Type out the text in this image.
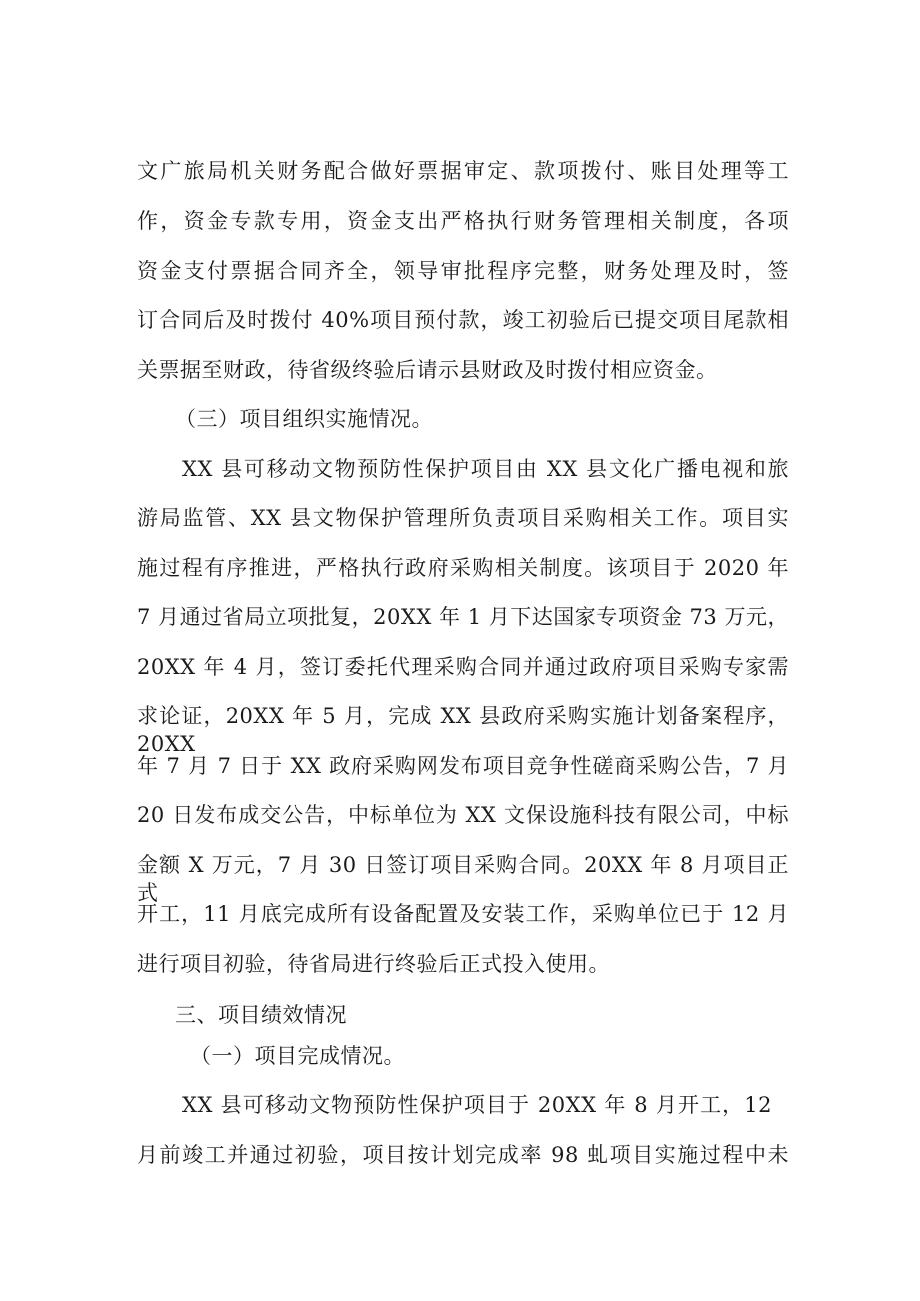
文广旅局机关财务配合做好票据审定、款项拨付、账目处理等工
作，资金专款专用，资金支出严格执行财务管理相关制度，各项
资金支付票据合同齐全，领导审批程序完整，财务处理及时，签
订合同后及时拨付 40%项目预付款，竣工初验后已提交项目尾款相
关票据至财政，待省级终验后请示县财政及时拨付相应资金。
（三）项目组织实施情况。
XX 县可移动文物预防性保护项目由 XX 县文化广播电视和旅
游局监管、XX 县文物保护管理所负责项目采购相关工作。项目实
施过程有序推进，严格执行政府采购相关制度。该项目于 2020 年
7 月通过省局立项批复，20XX 年 1 月下达国家专项资金 73 万元，
20XX 年 4 月，签订委托代理采购合同并通过政府项目采购专家需
求论证，20XX 年 5 月，完成 XX 县政府采购实施计划备案程序，20XX
年 7 月 7 日于 XX 政府采购网发布项目竞争性磋商采购公告，7 月
20 日发布成交公告，中标单位为 XX 文保设施科技有限公司，中标
金额 X 万元，7 月 30 日签订项目采购合同。20XX 年 8 月项目正式
开工，11 月底完成所有设备配置及安装工作，采购单位已于 12 月
进行项目初验，待省局进行终验后正式投入使用。
三、项目绩效情况
（一）项目完成情况。
XX 县可移动文物预防性保护项目于 20XX 年 8 月开工，12
月前竣工并通过初验，项目按计划完成率 98 虬项目实施过程中未
